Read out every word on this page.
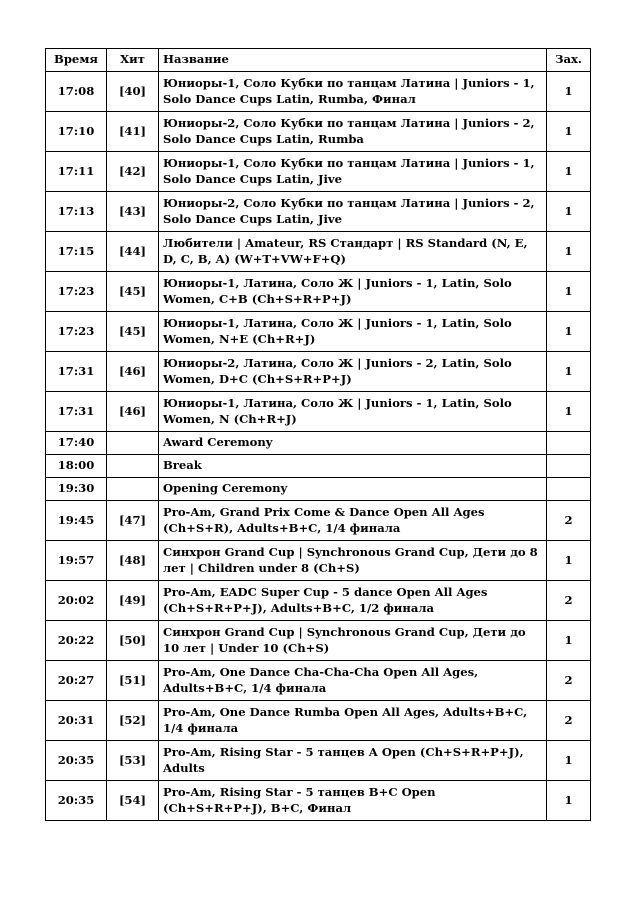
Время	Хит	Название	Зах.
17:08	[40]	Юниоры-1, Соло Кубки по танцам Латина | Juniors - 1, Solo Dance Cups Latin, Rumba, Финал	1
17:10	[41]	Юниоры-2, Соло Кубки по танцам Латина | Juniors - 2, Solo Dance Cups Latin, Rumba	1
17:11	[42]	Юниоры-1, Соло Кубки по танцам Латина | Juniors - 1, Solo Dance Cups Latin, Jive	1
17:13	[43]	Юниоры-2, Соло Кубки по танцам Латина | Juniors - 2, Solo Dance Cups Latin, Jive	1
17:15	[44]	Любители | Amateur, RS Стандарт | RS Standard (N, E, D, C, B, A) (W+T+VW+F+Q)	1
17:23	[45]	Юниоры-1, Латина, Соло Ж | Juniors - 1, Latin, Solo Women, C+B (Ch+S+R+P+J)	1
17:23	[45]	Юниоры-1, Латина, Соло Ж | Juniors - 1, Latin, Solo Women, N+E (Ch+R+J)	1
17:31	[46]	Юниоры-2, Латина, Соло Ж | Juniors - 2, Latin, Solo Women, D+C (Ch+S+R+P+J)	1
17:31	[46]	Юниоры-1, Латина, Соло Ж | Juniors - 1, Latin, Solo Women, N (Ch+R+J)	1
17:40		Award Ceremony	
18:00		Break	
19:30		Opening Ceremony	
19:45	[47]	Pro-Am, Grand Prix Come & Dance Open All Ages (Ch+S+R), Adults+B+C, 1/4 финала	2
19:57	[48]	Синхрон Grand Cup | Synchronous Grand Cup, Дети до 8 лет | Children under 8 (Ch+S)	1
20:02	[49]	Pro-Am, EADC Super Cup - 5 dance Open All Ages (Ch+S+R+P+J), Adults+B+C, 1/2 финала	2
20:22	[50]	Синхрон Grand Cup | Synchronous Grand Cup, Дети до 10 лет | Under 10 (Ch+S)	1
20:27	[51]	Pro-Am, One Dance Cha-Cha-Cha Open All Ages, Adults+B+C, 1/4 финала	2
20:31	[52]	Pro-Am, One Dance Rumba Open All Ages, Adults+B+C, 1/4 финала	2
20:35	[53]	Pro-Am, Rising Star - 5 танцев A Open (Ch+S+R+P+J), Adults	1
20:35	[54]	Pro-Am, Rising Star - 5 танцев B+C Open (Ch+S+R+P+J), B+C, Финал	1
